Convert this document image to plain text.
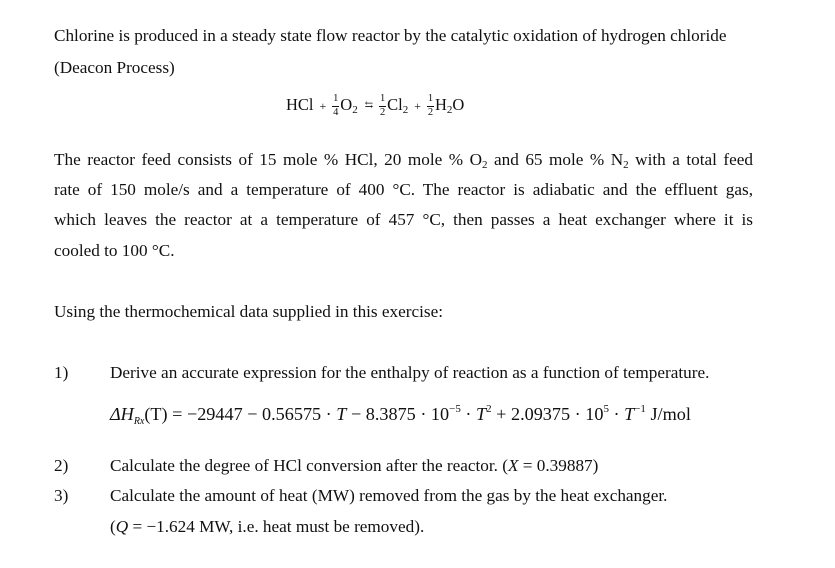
Chlorine is produced in a steady state flow reactor by the catalytic oxidation of hydrogen chloride
(Deacon Process)
HCl + $\frac{1}{4} O_2$ ⇆ $\frac{1}{2} Cl_2 + \frac{1}{2} H_2O$
The reactor feed consists of 15 mole % HCl, 20 mole % $O_2$ and 65 mole % $N_2$ with a total feed
rate of 150 mole/s and a temperature of 400 °C. The reactor is adiabatic and the effluent gas,
which leaves the reactor at a temperature of 457 °C, then passes a heat exchanger where it is
cooled to 100 °C.
Using the thermochemical data supplied in this exercise:
1) Derive an accurate expression for the enthalpy of reaction as a function of temperature.
$\Delta H_{Rx}(T) = -29447 - 0.56575 \cdot T - 8.3875 \cdot 10^{-5} \cdot T^2 + 2.09375 \cdot 10^5 \cdot T^{-1}$ J/mol
2) Calculate the degree of HCl conversion after the reactor. (X = 0.39887)
3) Calculate the amount of heat (MW) removed from the gas by the heat exchanger.
(Q = −1.624 MW, i.e. heat must be removed).
